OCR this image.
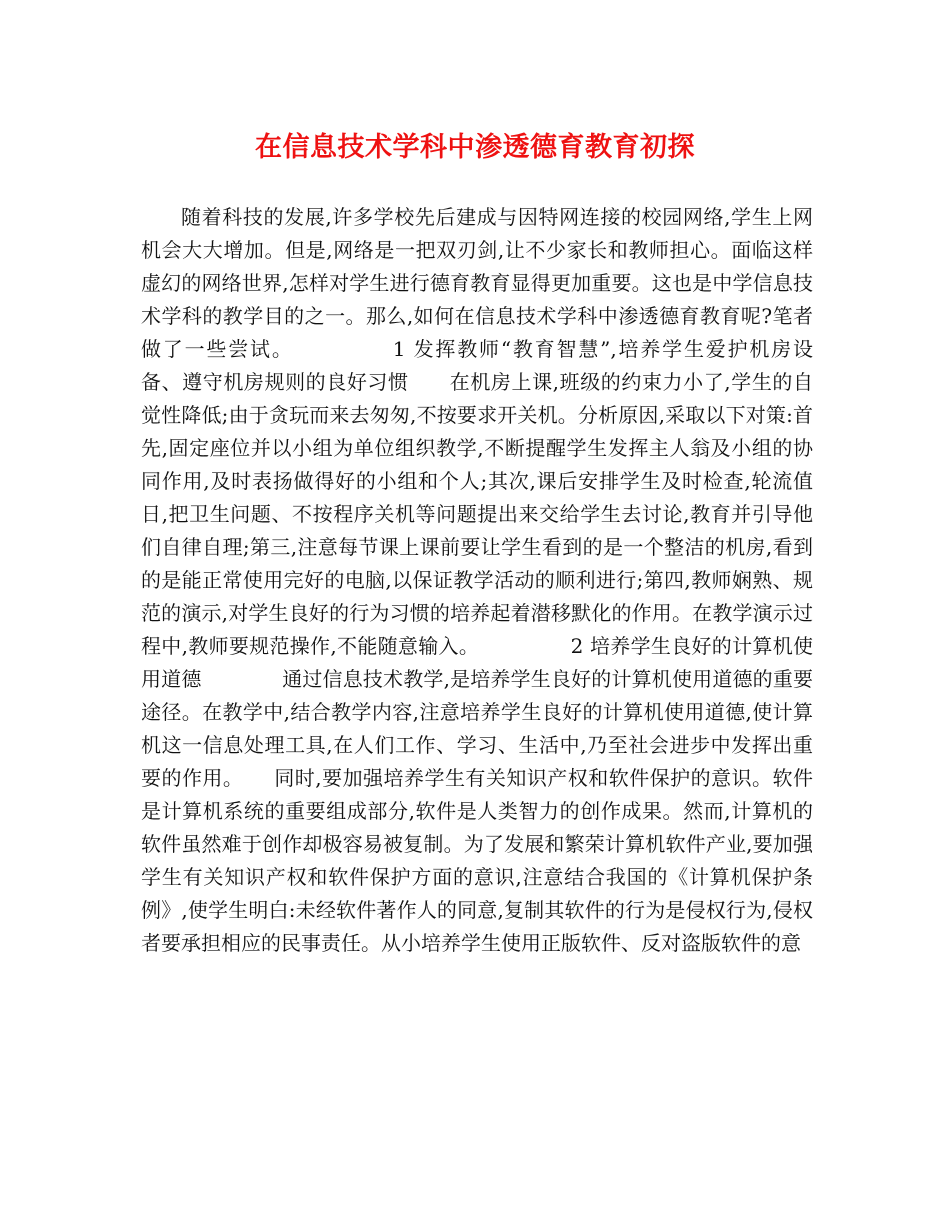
在信息技术学科中渗透德育教育初探

随着科技的发展,许多学校先后建成与因特网连接的校园网络,学生上网机会大大增加。但是,网络是一把双刃剑,让不少家长和教师担心。面临这样虚幻的网络世界,怎样对学生进行德育教育显得更加重要。这也是中学信息技术学科的教学目的之一。那么,如何在信息技术学科中渗透德育教育呢?笔者做了一些尝试。　　　　　1 发挥教师“教育智慧”,培养学生爱护机房设　　　　　备、遵守机房规则的良好习惯　　在机房上课,班级的约束力小了,学生的自觉性降低;由于贪玩而来去匆匆,不按要求开关机。分析原因,采取以下对策:首先,固定座位并以小组为单位组织教学,不断提醒学生发挥主人翁及小组的协同作用,及时表扬做得好的小组和个人;其次,课后安排学生及时检查,轮流值日,把卫生问题、不按程序关机等问题提出来交给学生去讨论,教育并引导他们自律自理;第三,注意每节课上课前要让学生看到的是一个整洁的机房,看到的是能正常使用完好的电脑,以保证教学活动的顺利进行;第四,教师娴熟、规范的演示,对学生良好的行为习惯的培养起着潜移默化的作用。在教学演示过程中,教师要规范操作,不能随意输入。　　　　　2 培养学生良好的计算机使用道德　　　　通过信息技术教学,是培养学生良好的计算机使用道德的重要途径。在教学中,结合教学内容,注意培养学生良好的计算机使用道德,使计算机这一信息处理工具,在人们工作、学习、生活中,乃至社会进步中发挥出重要的作用。　　同时,要加强培养学生有关知识产权和软件保护的意识。软件是计算机系统的重要组成部分,软件是人类智力的创作成果。然而,计算机的软件虽然难于创作却极容易被复制。为了发展和繁荣计算机软件产业,要加强学生有关知识产权和软件保护方面的意识,注意结合我国的《计算机保护条例》,使学生明白:未经软件著作人的同意,复制其软件的行为是侵权行为,侵权者要承担相应的民事责任。从小培养学生使用正版软件、反对盗版软件的意
